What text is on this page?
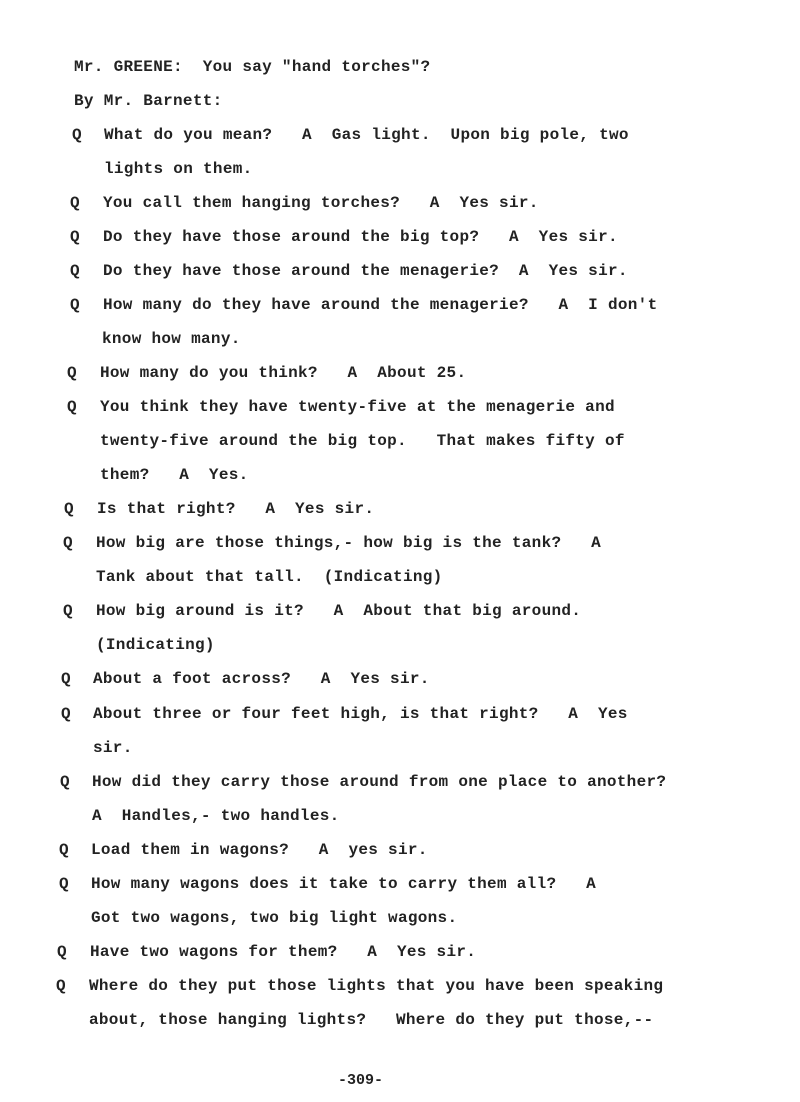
Mr. GREENE:  You say "hand torches"?
By Mr. Barnett:
Q What do you mean?   A  Gas light.  Upon big pole, two
lights on them.
Q You call them hanging torches?   A  Yes sir.
Q Do they have those around the big top?   A  Yes sir.
Q Do they have those around the menagerie?  A  Yes sir.
Q How many do they have around the menagerie?   A  I don't
know how many.
Q How many do you think?   A  About 25.
Q You think they have twenty-five at the menagerie and
twenty-five around the big top.   That makes fifty of
them?   A  Yes.
Q Is that right?   A  Yes sir.
Q How big are those things,- how big is the tank?   A
Tank about that tall.  (Indicating)
Q How big around is it?   A  About that big around.
(Indicating)
Q About a foot across?   A  Yes sir.
Q About three or four feet high, is that right?   A  Yes
sir.
Q How did they carry those around from one place to another?
A  Handles,- two handles.
Q Load them in wagons?   A  yes sir.
Q How many wagons does it take to carry them all?   A
Got two wagons, two big light wagons.
Q Have two wagons for them?   A  Yes sir.
Q Where do they put those lights that you have been speaking
about, those hanging lights?   Where do they put those,--
-309-
